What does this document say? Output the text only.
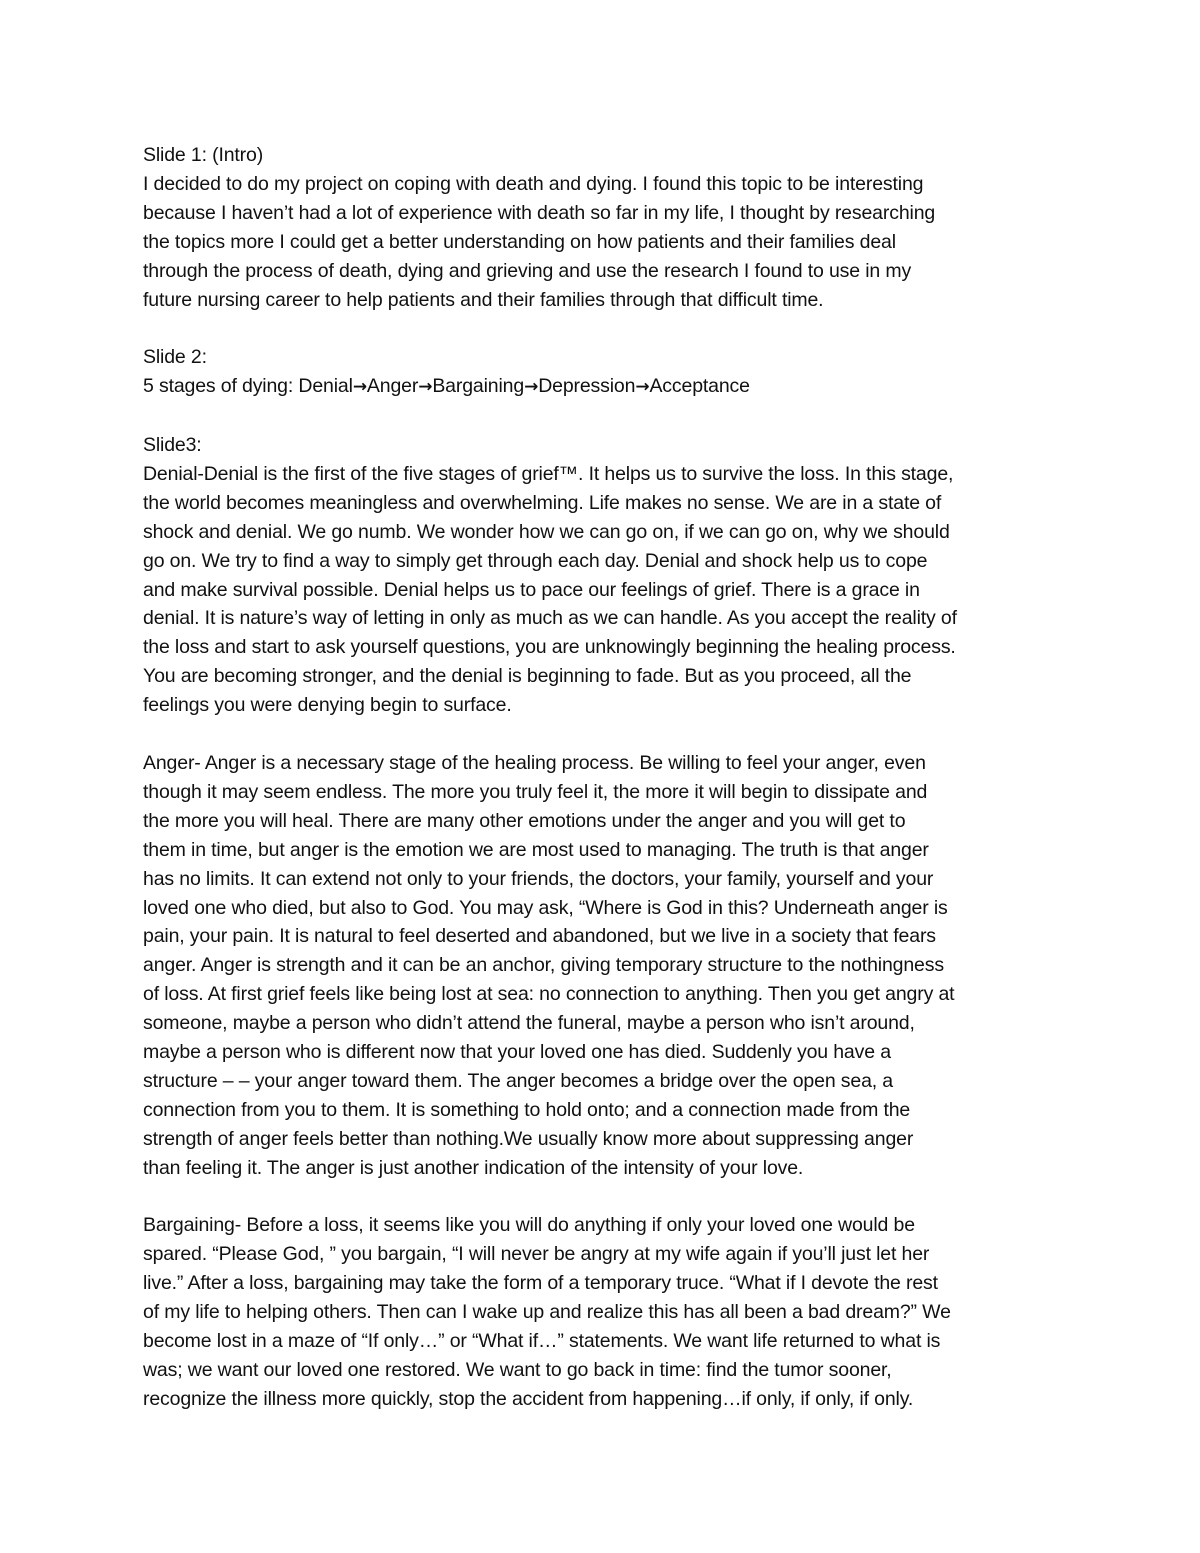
Slide 1: (Intro)
I decided to do my project on coping with death and dying. I found this topic to be interesting
because I haven’t had a lot of experience with death so far in my life, I thought by researching
the topics more I could get a better understanding on how patients and their families deal
through the process of death, dying and grieving and use the research I found to use in my
future nursing career to help patients and their families through that difficult time.
Slide 2:
5 stages of dying: Denial→Anger→Bargaining→Depression→Acceptance
Slide3:
Denial-Denial is the first of the five stages of grief™. It helps us to survive the loss. In this stage,
the world becomes meaningless and overwhelming. Life makes no sense. We are in a state of
shock and denial. We go numb. We wonder how we can go on, if we can go on, why we should
go on. We try to find a way to simply get through each day. Denial and shock help us to cope
and make survival possible. Denial helps us to pace our feelings of grief. There is a grace in
denial. It is nature’s way of letting in only as much as we can handle. As you accept the reality of
the loss and start to ask yourself questions, you are unknowingly beginning the healing process.
You are becoming stronger, and the denial is beginning to fade. But as you proceed, all the
feelings you were denying begin to surface.
Anger- Anger is a necessary stage of the healing process. Be willing to feel your anger, even
though it may seem endless. The more you truly feel it, the more it will begin to dissipate and
the more you will heal. There are many other emotions under the anger and you will get to
them in time, but anger is the emotion we are most used to managing. The truth is that anger
has no limits. It can extend not only to your friends, the doctors, your family, yourself and your
loved one who died, but also to God. You may ask, “Where is God in this? Underneath anger is
pain, your pain. It is natural to feel deserted and abandoned, but we live in a society that fears
anger. Anger is strength and it can be an anchor, giving temporary structure to the nothingness
of loss. At first grief feels like being lost at sea: no connection to anything. Then you get angry at
someone, maybe a person who didn’t attend the funeral, maybe a person who isn’t around,
maybe a person who is different now that your loved one has died. Suddenly you have a
structure – – your anger toward them. The anger becomes a bridge over the open sea, a
connection from you to them. It is something to hold onto; and a connection made from the
strength of anger feels better than nothing.We usually know more about suppressing anger
than feeling it. The anger is just another indication of the intensity of your love.
Bargaining- Before a loss, it seems like you will do anything if only your loved one would be
spared. “Please God, ” you bargain, “I will never be angry at my wife again if you’ll just let her
live.” After a loss, bargaining may take the form of a temporary truce. “What if I devote the rest
of my life to helping others. Then can I wake up and realize this has all been a bad dream?” We
become lost in a maze of “If only…” or “What if…” statements. We want life returned to what is
was; we want our loved one restored. We want to go back in time: find the tumor sooner,
recognize the illness more quickly, stop the accident from happening…if only, if only, if only.
